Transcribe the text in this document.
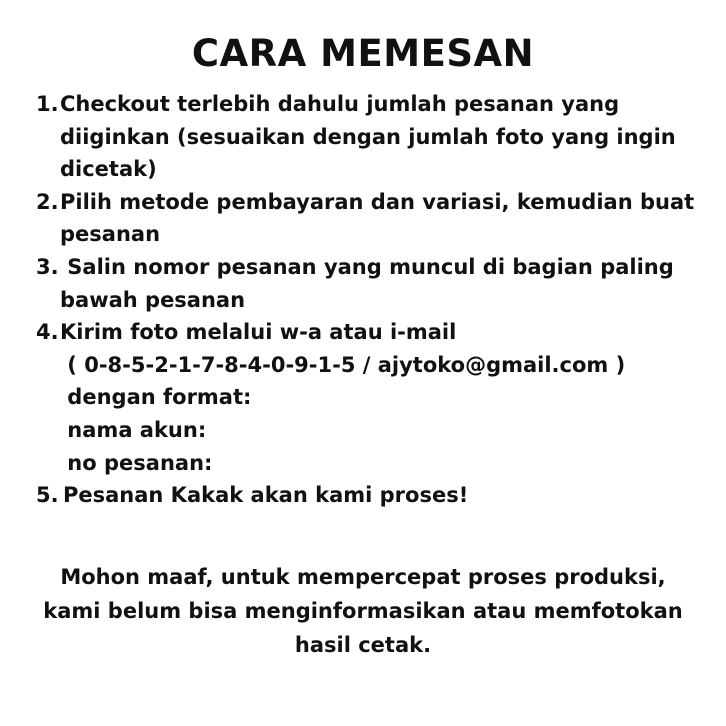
CARA MEMESAN
1. Checkout terlebih dahulu jumlah pesanan yang
diiginkan (sesuaikan dengan jumlah foto yang ingin
dicetak)
2. Pilih metode pembayaran dan variasi, kemudian buat
pesanan
3. Salin nomor pesanan yang muncul di bagian paling
bawah pesanan
4. Kirim foto melalui w-a atau i-mail
( 0-8-5-2-1-7-8-4-0-9-1-5 / ajytoko@gmail.com )
dengan format:
nama akun:
no pesanan:
5. Pesanan Kakak akan kami proses!
Mohon maaf, untuk mempercepat proses produksi,
kami belum bisa menginformasikan atau memfotokan
hasil cetak.
